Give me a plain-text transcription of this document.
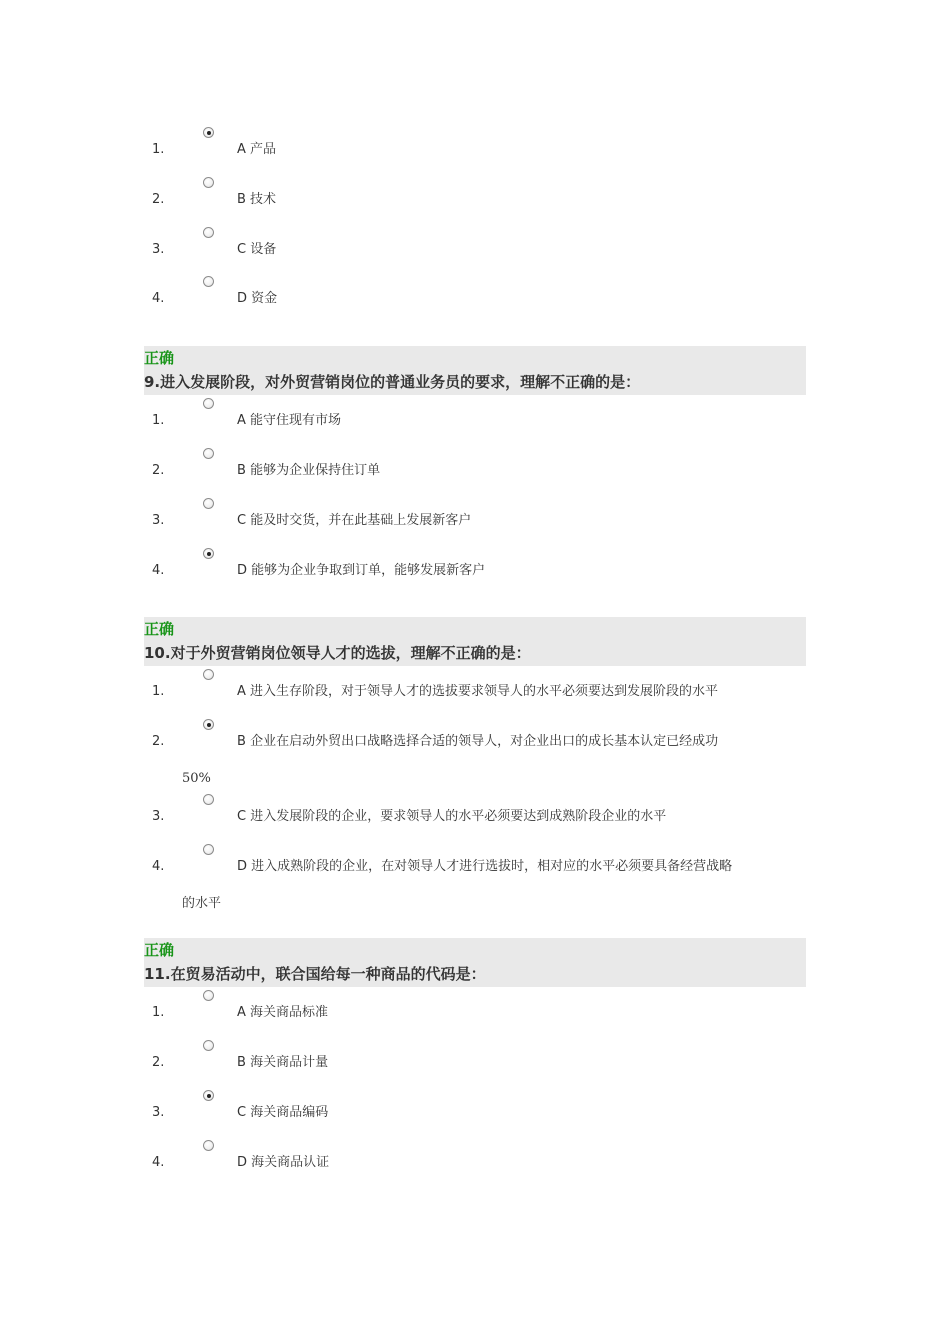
1.	A 产品
2.	B 技术
3.	C 设备
4.	D 资金
正确
9.进入发展阶段，对外贸营销岗位的普通业务员的要求，理解不正确的是：
1.	A 能守住现有市场
2.	B 能够为企业保持住订单
3.	C 能及时交货，并在此基础上发展新客户
4.	D 能够为企业争取到订单，能够发展新客户
正确
10.对于外贸营销岗位领导人才的选拔，理解不正确的是：
1.	A 进入生存阶段，对于领导人才的选拔要求领导人的水平必须要达到发展阶段的水平
2.	B 企业在启动外贸出口战略选择合适的领导人，对企业出口的成长基本认定已经成功
50%
3.	C 进入发展阶段的企业，要求领导人的水平必须要达到成熟阶段企业的水平
4.	D 进入成熟阶段的企业，在对领导人才进行选拔时，相对应的水平必须要具备经营战略
的水平
正确
11.在贸易活动中，联合国给每一种商品的代码是：
1.	A 海关商品标准
2.	B 海关商品计量
3.	C 海关商品编码
4.	D 海关商品认证
